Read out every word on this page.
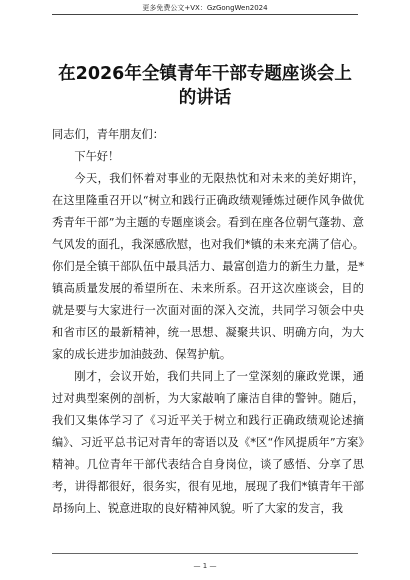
更多免费公文+VX：GzGongWen2024
在2026年全镇青年干部专题座谈会上的讲话

同志们，青年朋友们：

下午好！

今天，我们怀着对事业的无限热忱和对未来的美好期许，在这里隆重召开以“树立和践行正确政绩观锤炼过硬作风争做优秀青年干部”为主题的专题座谈会。看到在座各位朝气蓬勃、意气风发的面孔，我深感欣慰，也对我们*镇的未来充满了信心。你们是全镇干部队伍中最具活力、最富创造力的新生力量，是*镇高质量发展的希望所在、未来所系。召开这次座谈会，目的就是要与大家进行一次面对面的深入交流，共同学习领会中央和省市区的最新精神，统一思想、凝聚共识、明确方向，为大家的成长进步加油鼓劲、保驾护航。

刚才，会议开始，我们共同上了一堂深刻的廉政党课，通过对典型案例的剖析，为大家敲响了廉洁自律的警钟。随后，我们又集体学习了《习近平关于树立和践行正确政绩观论述摘编》、习近平总书记对青年的寄语以及《*区“作风提质年”方案》精神。几位青年干部代表结合自身岗位，谈了感悟、分享了思考，讲得都很好，很务实，很有见地，展现了我们*镇青年干部昂扬向上、锐意进取的良好精神风貌。听了大家的发言，我

— 1 —
